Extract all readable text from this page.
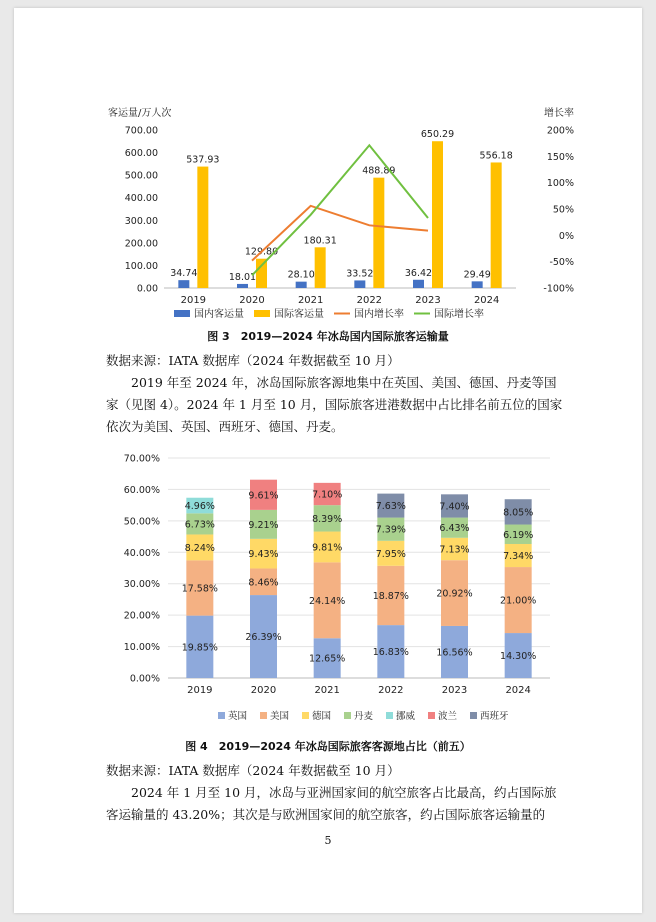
客运量/万人次	增长率
0.00
100.00
200.00
300.00
400.00
500.00
600.00
700.00
-100%
-50%
0%
50%
100%
150%
200%
2019
34.74
537.93
2020
18.01
129.80
2021
28.10
180.31
2022
33.52
488.89
2023
36.42
650.29
2024
29.49
556.18
国内客运量	国际客运量	国内增长率	国际增长率
图 3　2019—2024 年冰岛国内国际旅客运输量

数据来源：IATA 数据库（2024 年数据截至 10 月）

2019 年至 2024 年，冰岛国际旅客源地集中在英国、美国、德国、丹麦等国家（见图 4）。2024 年 1 月至 10 月，国际旅客进港数据中占比排名前五位的国家依次为美国、英国、西班牙、德国、丹麦。

0.00%
10.00%
20.00%
30.00%
40.00%
50.00%
60.00%
70.00%
2019
19.85%
17.58%
8.24%
6.73%
4.96%
2020
26.39%
8.46%
9.43%
9.21%
9.61%
2021
12.65%
24.14%
9.81%
8.39%
7.10%
2022
16.83%
18.87%
7.95%
7.39%
7.63%
2023
16.56%
20.92%
7.13%
6.43%
7.40%
2024
14.30%
21.00%
7.34%
6.19%
8.05%
英国 美国 德国 丹麦 挪威 波兰 西班牙
图 4　2019—2024 年冰岛国际旅客客源地占比（前五）

数据来源：IATA 数据库（2024 年数据截至 10 月）

2024 年 1 月至 10 月，冰岛与亚洲国家间的航空旅客占比最高，约占国际旅客运输量的 43.20%；其次是与欧洲国家间的航空旅客，约占国际旅客运输量的

5
